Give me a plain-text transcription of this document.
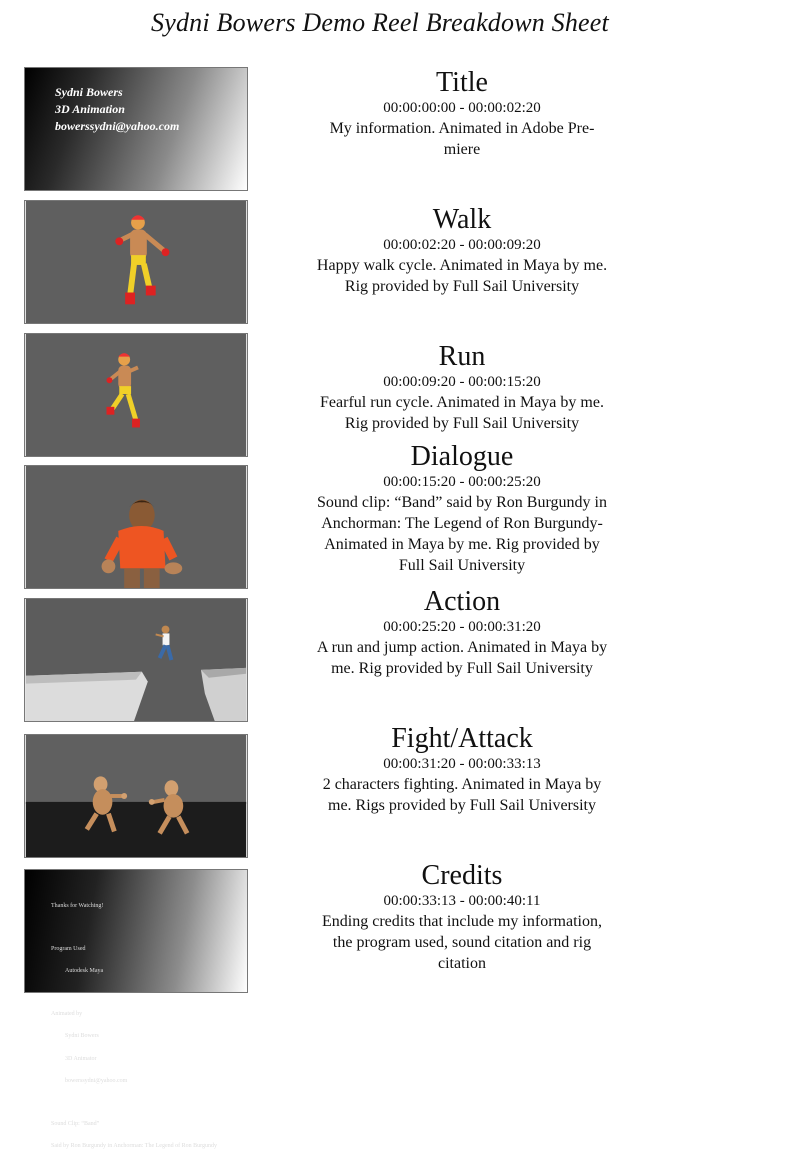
Sydni Bowers Demo Reel Breakdown Sheet
Sydni Bowers
3D Animation
bowerssydni@yahoo.com

Thanks for Watching!

Program Used

Autodesk Maya

Animated by

Sydni Bowers

3D Animator

bowerssydni@yahoo.com

Sound Clip: “Band”

Said by Ron Burgundy in Anchorman: The Legend of Ron Burgundy

Title
00:00:00:00 - 00:00:02:20
My information. Animated in Adobe Pre-
miere
Walk
00:00:02:20 - 00:00:09:20
Happy walk cycle. Animated in Maya by me.
Rig provided by Full Sail University
Run
00:00:09:20 - 00:00:15:20
Fearful run cycle. Animated in Maya by me.
Rig provided by Full Sail University
Dialogue
00:00:15:20 - 00:00:25:20
Sound clip: “Band” said by Ron Burgundy in
Anchorman: The Legend of Ron Burgundy-
Animated in Maya by me. Rig provided by
Full Sail University
Action
00:00:25:20 - 00:00:31:20
A run and jump action. Animated in Maya by
me. Rig provided by Full Sail University
Fight/Attack
00:00:31:20 - 00:00:33:13
2 characters fighting. Animated in Maya by
me. Rigs provided by Full Sail University
Credits
00:00:33:13 - 00:00:40:11
Ending credits that include my information,
the program used, sound citation and rig
citation
